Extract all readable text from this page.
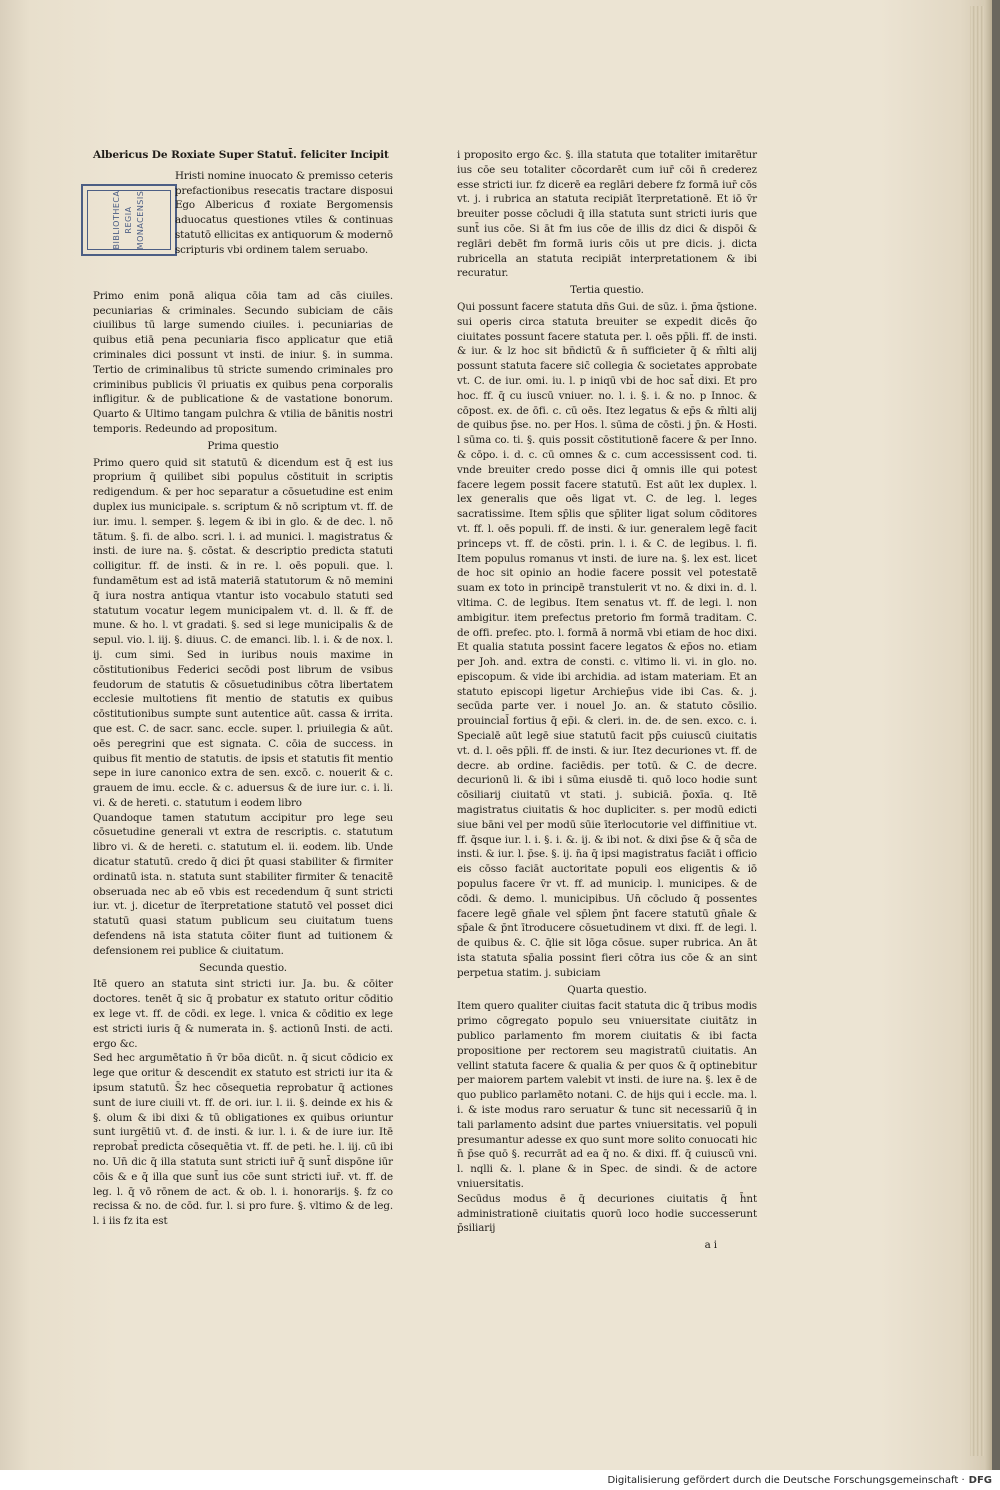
BIBLIOTHECA REGIA MONACENSIS
Albericus De Roxiate Super Statut̄. feliciter Incipit

Hristi nomine inuocato & premisso ceteris prefactionibus resecatis tractare disposui Ego Albericus đ roxiate Bergomensis aduocatus questiones vtiles & continuas statutō ellicitas ex antiquorum & modernō scripturis vbi ordinem talem seruabo.

Primo enim ponā aliqua cōia tam ad cās ciuiles. pecuniarias & criminales. Secundo subiciam de cāis ciuilibus tū large sumendo ciuiles. i. pecuniarias de quibus etiā pena pecuniaria fisco applicatur que etiā criminales dici possunt vt insti. de iniur. §. in summa. Tertio de criminalibus tū stricte sumendo criminales pro criminibus publicis v̄l priuatis ex quibus pena corporalis infligitur. & de publicatione & de vastatione bonorum. Quarto & Ultimo tangam pulchra & vtilia de bānitis nostri temporis. Redeundo ad propositum.

Prima questio

Primo quero quid sit statutū & dicendum est q̄ est ius proprium q̄ quilibet sibi populus cōstituit in scriptis redigendum. & per hoc separatur a cōsuetudine est enim duplex ius municipale. s. scriptum & nō scriptum vt. ff. de iur. imu. l. semper. §. legem & ibi in glo. & de dec. l. nō tātum. §. fi. de albo. scri. l. i. ad munici. l. magistratus & insti. de iure na. §. cōstat. & descriptio predicta statuti colligitur. ff. de insti. & in re. l. oēs populi. que. l. fundamētum est ad istā materiā statutorum & nō memini q̄ iura nostra antiqua vtantur isto vocabulo statuti sed statutum vocatur legem municipalem vt. d. ll. & ff. de mune. & ho. l. vt gradati. §. sed si lege municipalis & de sepul. vio. l. iij. §. diuus. C. de emanci. lib. l. i. & de nox. l. ij. cum simi. Sed in iuribus nouis maxime in cōstitutionibus Federici secōdi post librum de vsibus feudorum de statutis & cōsuetudinibus cōtra libertatem ecclesie multotiens fit mentio de statutis ex quibus cōstitutionibus sumpte sunt autentice aūt. cassa & irrita. que est. C. de sacr. sanc. eccle. super. l. priuilegia & aūt. oēs peregrini que est signata. C. cōia de success. in quibus fit mentio de statutis. de ipsis et statutis fit mentio sepe in iure canonico extra de sen. excō. c. nouerit & c. grauem de imu. eccle. & c. aduersus & de iure iur. c. i. li. vi. & de hereti. c. statutum i eodem libro

Quandoque tamen statutum accipitur pro lege seu cōsuetudine generali vt extra de rescriptis. c. statutum libro vi. & de hereti. c. statutum el. ii. eodem. lib. Unde dicatur statutū. credo q̄ dici p̄t quasi stabiliter & firmiter ordinatū ista. n. statuta sunt stabiliter firmiter & tenacitē obseruada nec ab eō vbis est recedendum q̄ sunt stricti iur. vt. j. dicetur de īterpretatione statutō vel posset dici statutū quasi statum publicum seu ciuitatum tuens defendens nā ista statuta cōiter fiunt ad tuitionem & defensionem rei publice & ciuitatum.

Secunda questio.

Itē quero an statuta sint stricti iur. Ja. bu. & cōiter doctores. tenēt q̄ sic q̄ probatur ex statuto oritur cōditio ex lege vt. ff. de cōdi. ex lege. l. vnica & cōditio ex lege est stricti iuris q̄ & numerata in. §. actionū Insti. de acti. ergo &c.

Sed hec argumētatio n̄ v̄r bōa dicūt. n. q̄ sicut cōdicio ex lege que oritur & descendit ex statuto est stricti iur ita & ipsum statutū. S̄z hec cōsequetia reprobatur q̄ actiones sunt de iure ciuili vt. ff. de ori. iur. l. ii. §. deinde ex his & §. olum & ibi dixi & tū obligationes ex quibus oriuntur sunt iurgētiū vt. đ. de insti. & iur. l. i. & de iure iur. Itē reprobat̄ predicta cōsequētia vt. ff. de peti. he. l. iij. cū ibi no. Un̄ dic q̄ illa statuta sunt stricti iur̄ q̄ sunt̄ dispōne iūr cōis & e q̄ illa que sunt̄ ius cōe sunt stricti iur̄. vt. ff. de leg. l. q̄ vō rōnem de act. & ob. l. i. honorarijs. §. fz co recissa & no. de cōd. fur. l. si pro fure. §. vltimo & de leg. l. i iis fz ita est

i proposito ergo &c. §. illa statuta que totaliter imitarētur ius cōe seu totaliter cōcordarēt cum iur̄ cōi n̄ crederez esse stricti iur. fz dicerē ea reglāri debere fz formā iur̄ cōs vt. j. i rubrica an statuta recipiāt īterpretationē. Et iō v̄r breuiter posse cōcludi q̄ illa statuta sunt stricti iuris que sunt̄ ius cōe. Si āt fm ius cōe de illis dz dici & dispōi & reglāri debēt fm formā iuris cōis ut pre dicis. j. dicta rubricella an statuta recipiāt interpretationem & ibi recuratur.

Tertia questio.

Qui possunt facere statuta dn̄s Gui. de sūz. i. p̄ma q̄stione. sui operis circa statuta breuiter se expedit dicēs q̄o ciuitates possunt facere statuta per. l. oēs pp̄li. ff. de insti. & iur. & lz hoc sit bn̄dictū & n̄ sufficieter q̄ & m̄lti alij possunt statuta facere sic̄ collegia & societates approbate vt. C. de iur. omi. iu. l. p iniqū vbi de hoc sat̄ dixi. Et pro hoc. ff. q̄ cu iuscū vniuer. no. l. i. §. i. & no. p Innoc. & cōpost. ex. de ōfi. c. cū oēs. Itez legatus & ep̄s & m̄lti alij de quibus p̄se. no. per Hos. l. sūma de cōsti. j p̄n. & Hosti. l sūma co. ti. §. quis possit cōstitutionē facere & per Inno. & cōpo. i. d. c. cū omnes & c. cum accessissent cod. ti. vnde breuiter credo posse dici q̄ omnis ille qui potest facere legem possit facere statutū. Est aūt lex duplex. l. lex generalis que oēs ligat vt. C. de leg. l. leges sacratissime. Item sp̄lis que sp̄liter ligat solum cōditores vt. ff. l. oēs populi. ff. de insti. & iur. generalem legē facit princeps vt. ff. de cōsti. prin. l. i. & C. de legibus. l. fi. Item populus romanus vt insti. de iure na. §. lex est. licet de hoc sit opinio an hodie facere possit vel potestatē suam ex toto in principē transtulerit vt no. & dixi in. d. l. vltima. C. de legibus. Item senatus vt. ff. de legi. l. non ambigitur. item prefectus pretorio fm formā traditam. C. de offi. prefec. pto. l. formā ā normā vbi etiam de hoc dixi. Et qualia statuta possint facere legatos & ep̄os no. etiam per Joh. and. extra de consti. c. vltimo li. vi. in glo. no. episcopum. & vide ibi archidia. ad istam materiam. Et an statuto episcopi ligetur Archiep̄us vide ibi Cas. &. j. secūda parte ver. i nouel Jo. an. & statuto cōsilio. prouincial̄ fortius q̄ ep̄i. & cleri. in. de. de sen. exco. c. i. Specialē aūt legē siue statutū facit pp̄s cuiuscū ciuitatis vt. d. l. oēs pp̄li. ff. de insti. & iur. Itez decuriones vt. ff. de decre. ab ordine. faciēdis. per totū. & C. de decre. decurionū li. & ibi i sūma eiusdē ti. quō loco hodie sunt cōsiliarij ciuitatū vt stati. j. subiciā. p̄oxīa. q. Itē magistratus ciuitatis & hoc dupliciter. s. per modū edicti siue bāni vel per modū sūie īterlocutorie vel diffinitiue vt. ff. q̄sque iur. l. i. §. i. &. ij. & ibi not. & dixi p̄se & q̄ sc̄a de insti. & iur. l. p̄se. §. ij. n̄a q̄ ipsi magistratus faciāt i officio eis cōsso faciāt auctoritate populi eos eligentis & iō populus facere v̄r vt. ff. ad municip. l. municipes. & de cōdi. & demo. l. municipibus. Un̄ cōcludo q̄ possentes facere legē gn̄ale vel sp̄lem p̄nt facere statutū gn̄ale & sp̄ale & p̄nt ītroducere cōsuetudinem vt dixi. ff. de legi. l. de quibus &. C. q̄lie sit lōga cōsue. super rubrica. An āt ista statuta sp̄alia possint fieri cōtra ius cōe & an sint perpetua statim. j. subiciam

Quarta questio.

Item quero qualiter ciuitas facit statuta dic q̄ tribus modis primo cōgregato populo seu vniuersitate ciuitātz in publico parlamento fm morem ciuitatis & ibi facta propositione per rectorem seu magistratū ciuitatis. An vellint statuta facere & qualia & per quos & q̄ optinebitur per maiorem partem valebit vt insti. de iure na. §. lex ē de quo publico parlamēto notani. C. de hijs qui i eccle. ma. l. i. & iste modus raro seruatur & tunc sit necessariū q̄ in tali parlamento adsint due partes vniuersitatis. vel populi presumantur adesse ex quo sunt more solito conuocati hic n̄ p̄se quō §. recurrāt ad ea q̄ no. & dixi. ff. q̄ cuiuscū vni. l. nqlli &. l. plane & in Spec. de sindi. & de actore vniuersitatis.

Secūdus modus ē q̄ decuriones ciuitatis q̄ h̄nt administrationē ciuitatis quorū loco hodie successerunt p̄siliarij

a i
Digitalisierung gefördert durch die Deutsche Forschungsgemeinschaft · DFG
